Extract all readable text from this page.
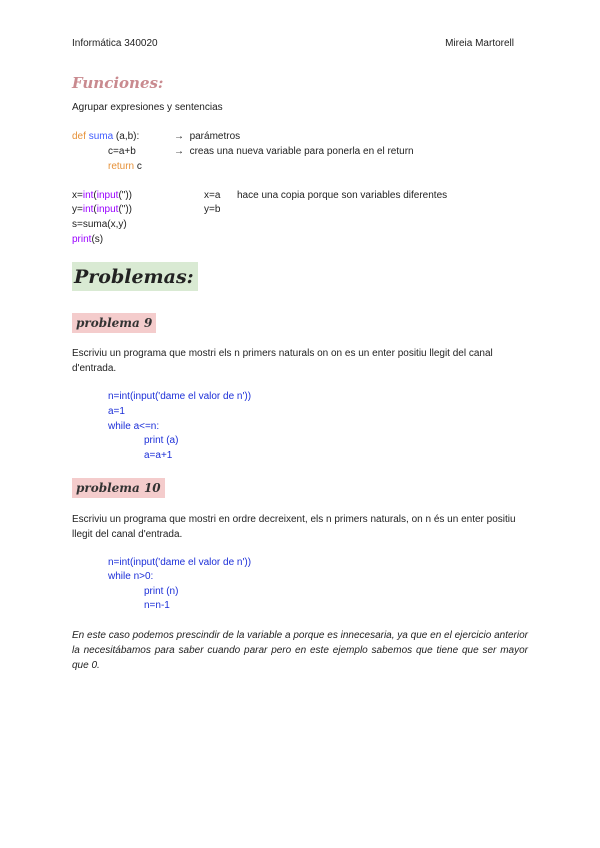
Informática 340020	Mireia Martorell
Funciones:
Agrupar expresiones y sentencias
def suma (a,b):	→ parámetros
c=a+b	→ creas una nueva variable para ponerla en el return
return c
x=int(input("))	x=a hace una copia porque son variables diferentes
y=int(input("))	y=b
s=suma(x,y)
print(s)
Problemas:
problema 9
Escriviu un programa que mostri els n primers naturals on on es un enter positiu llegit del canal d'entrada.
n=int(input('dame el valor de n'))
a=1
while a<=n:
print (a)
a=a+1
problema 10
Escriviu un programa que mostri en ordre decreixent, els n primers naturals, on n és un enter positiu llegit del canal d'entrada.
n=int(input('dame el valor de n'))
while n>0:
print (n)
n=n-1
En este caso podemos prescindir de la variable a porque es innecesaria, ya que en el ejercicio anterior la necesitábamos para saber cuando parar pero en este ejemplo sabemos que tiene que ser mayor que 0.
